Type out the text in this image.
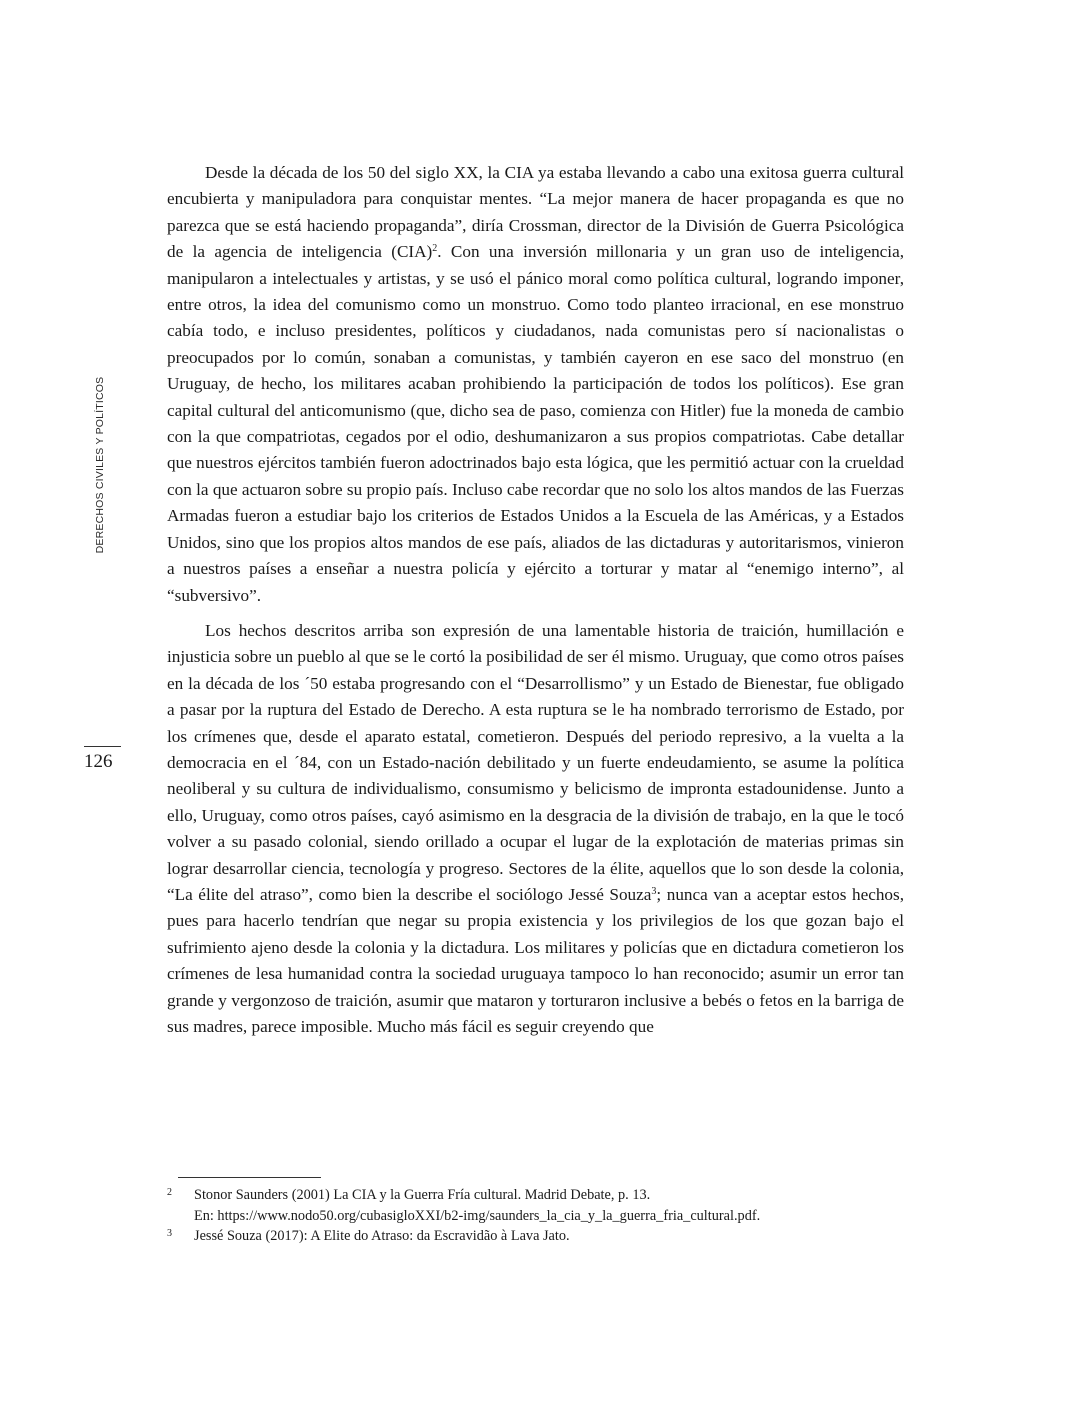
DERECHOS CIVILES Y POLÍTICOS
126

Desde la década de los 50 del siglo XX, la CIA ya estaba llevando a cabo una exitosa guerra cultural encubierta y manipuladora para conquistar mentes. “La mejor manera de hacer propaganda es que no parezca que se está haciendo propaganda”, diría Crossman, director de la División de Guerra Psicológica de la agencia de inteligencia (CIA)$^2$. Con una inversión millonaria y un gran uso de inteligencia, manipularon a intelectuales y artistas, y se usó el pánico moral como política cultural, logrando imponer, entre otros, la idea del comunismo como un monstruo. Como todo planteo irracional, en ese monstruo cabía todo, e incluso presidentes, políticos y ciudadanos, nada comunistas pero sí nacionalistas o preocupados por lo común, sonaban a comunistas, y también cayeron en ese saco del monstruo (en Uruguay, de hecho, los militares acaban prohibiendo la participación de todos los políticos). Ese gran capital cultural del anticomunismo (que, dicho sea de paso, comienza con Hitler) fue la moneda de cambio con la que compatriotas, cegados por el odio, deshumanizaron a sus propios compatriotas. Cabe detallar que nuestros ejércitos también fueron adoctrinados bajo esta lógica, que les permitió actuar con la crueldad con la que actuaron sobre su propio país. Incluso cabe recordar que no solo los altos mandos de las Fuerzas Armadas fueron a estudiar bajo los criterios de Estados Unidos a la Escuela de las Américas, y a Estados Unidos, sino que los propios altos mandos de ese país, aliados de las dictaduras y autoritarismos, vinieron a nuestros países a enseñar a nuestra policía y ejército a torturar y matar al “enemigo interno”, al “subversivo”.

Los hechos descritos arriba son expresión de una lamentable historia de traición, humillación e injusticia sobre un pueblo al que se le cortó la posibilidad de ser él mismo. Uruguay, que como otros países en la década de los ´50 estaba progresando con el “Desarrollismo” y un Estado de Bienestar, fue obligado a pasar por la ruptura del Estado de Derecho. A esta ruptura se le ha nombrado terrorismo de Estado, por los crímenes que, desde el aparato estatal, cometieron. Después del periodo represivo, a la vuelta a la democracia en el ´84, con un Estado-nación debilitado y un fuerte endeudamiento, se asume la política neoliberal y su cultura de individualismo, consumismo y belicismo de impronta estadounidense. Junto a ello, Uruguay, como otros países, cayó asimismo en la desgracia de la división de trabajo, en la que le tocó volver a su pasado colonial, siendo orillado a ocupar el lugar de la explotación de materias primas sin lograr desarrollar ciencia, tecnología y progreso. Sectores de la élite, aquellos que lo son desde la colonia, “La élite del atraso”, como bien la describe el sociólogo Jessé Souza$^3$; nunca van a aceptar estos hechos, pues para hacerlo tendrían que negar su propia existencia y los privilegios de los que gozan bajo el sufrimiento ajeno desde la colonia y la dictadura. Los militares y policías que en dictadura cometieron los crímenes de lesa humanidad contra la sociedad uruguaya tampoco lo han reconocido; asumir un error tan grande y vergonzoso de traición, asumir que mataron y torturaron inclusive a bebés o fetos en la barriga de sus madres, parece imposible. Mucho más fácil es seguir creyendo que

2 Stonor Saunders (2001) La CIA y la Guerra Fría cultural. Madrid Debate, p. 13.
En: https://www.nodo50.org/cubasigloXXI/b2-img/saunders_la_cia_y_la_guerra_fria_cultural.pdf.
3 Jessé Souza (2017): A Elite do Atraso: da Escravidão à Lava Jato.
